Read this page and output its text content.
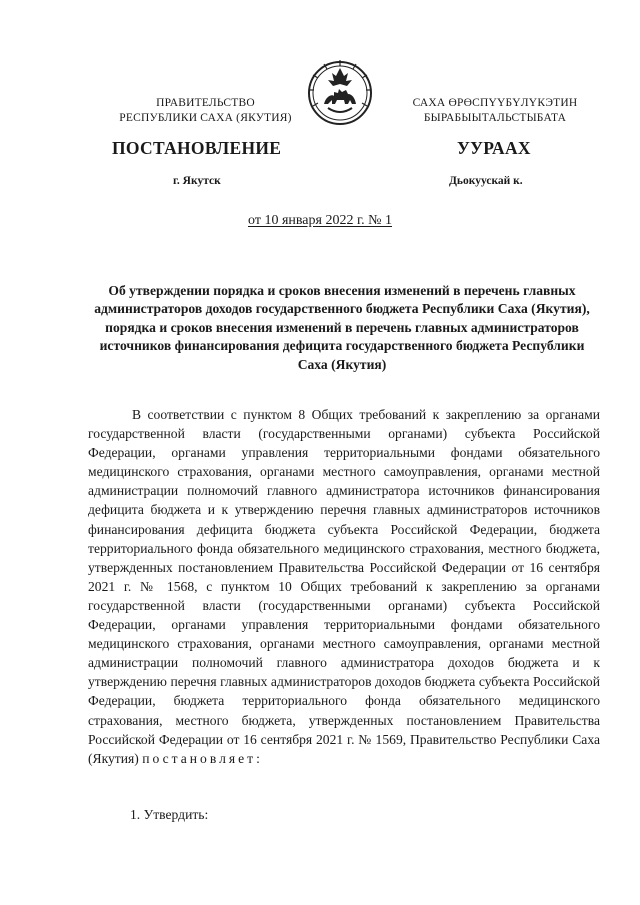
ПРАВИТЕЛЬСТВО
РЕСПУБЛИКИ САХА (ЯКУТИЯ)
САХА ӨРӨСПҮҮБҮЛҮКЭТИН
БЫРАБЫЫТАЛЬСТЫБАТА
ПОСТАНОВЛЕНИЕ	УУРААХ
г. Якутск	Дьокуускай к.
от 10 января 2022 г. № 1
Об утверждении порядка и сроков внесения изменений в перечень главных администраторов доходов государственного бюджета Республики Саха (Якутия), порядка и сроков внесения изменений в перечень главных администраторов источников финансирования дефицита государственного бюджета Республики Саха (Якутия)

В соответствии с пунктом 8 Общих требований к закреплению за органами государственной власти (государственными органами) субъекта Российской Федерации, органами управления территориальными фондами обязательного медицинского страхования, органами местного самоуправления, органами местной администрации полномочий главного администратора источников финансирования дефицита бюджета и к утверждению перечня главных администраторов источников финансирования дефицита бюджета субъекта Российской Федерации, бюджета территориального фонда обязательного медицинского страхования, местного бюджета, утвержденных постановлением Правительства Российской Федерации от 16 сентября 2021 г. № 1568, с пунктом 10 Общих требований к закреплению за органами государственной власти (государственными органами) субъекта Российской Федерации, органами управления территориальными фондами обязательного медицинского страхования, органами местного самоуправления, органами местной администрации полномочий главного администратора доходов бюджета и к утверждению перечня главных администраторов доходов бюджета субъекта Российской Федерации, бюджета территориального фонда обязательного медицинского страхования, местного бюджета, утвержденных постановлением Правительства Российской Федерации от 16 сентября 2021 г. № 1569, Правительство Республики Саха (Якутия) постановляет:

1. Утвердить:
